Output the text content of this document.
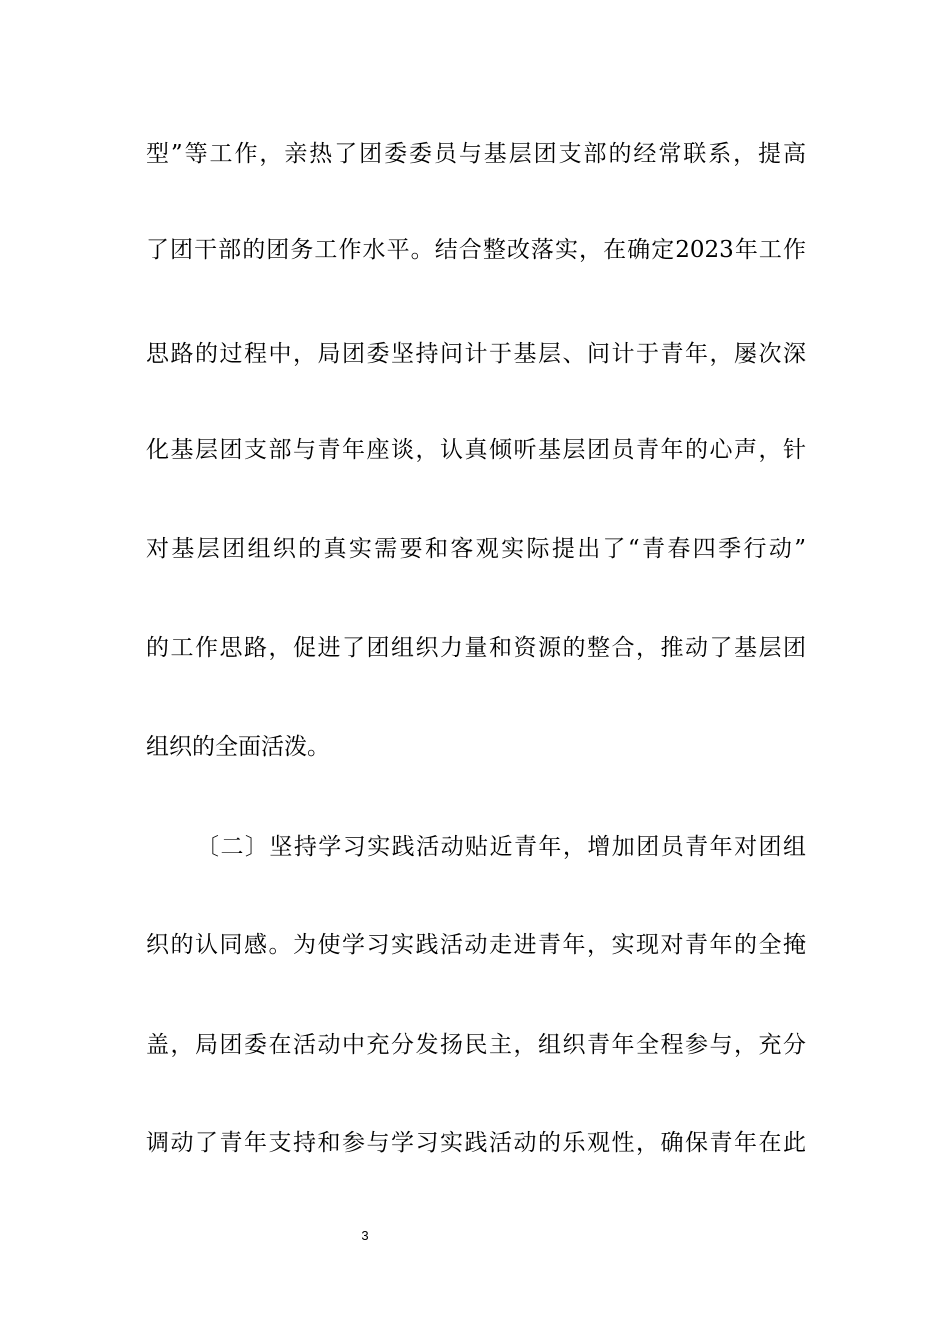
型”等工作，亲热了团委委员与基层团支部的经常联系，提高
了团干部的团务工作水平。结合整改落实，在确定2023年工作
思路的过程中，局团委坚持问计于基层、问计于青年，屡次深
化基层团支部与青年座谈，认真倾听基层团员青年的心声，针
对基层团组织的真实需要和客观实际提出了“青春四季行动”
的工作思路，促进了团组织力量和资源的整合，推动了基层团
组织的全面活泼。
〔二〕坚持学习实践活动贴近青年，增加团员青年对团组
织的认同感。为使学习实践活动走进青年，实现对青年的全掩
盖，局团委在活动中充分发扬民主，组织青年全程参与，充分
调动了青年支持和参与学习实践活动的乐观性，确保青年在此
3
